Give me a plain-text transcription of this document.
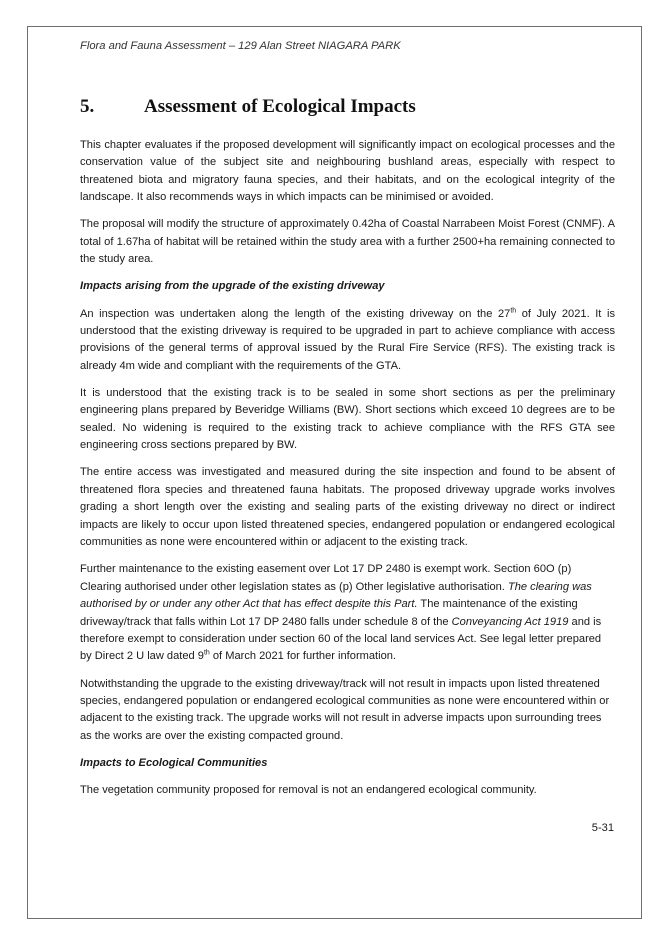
Flora and Fauna Assessment – 129 Alan Street NIAGARA PARK
5.	Assessment of Ecological Impacts

This chapter evaluates if the proposed development will significantly impact on ecological processes and the conservation value of the subject site and neighbouring bushland areas, especially with respect to threatened biota and migratory fauna species, and their habitats, and on the ecological integrity of the landscape. It also recommends ways in which impacts can be minimised or avoided.

The proposal will modify the structure of approximately 0.42ha of Coastal Narrabeen Moist Forest (CNMF). A total of 1.67ha of habitat will be retained within the study area with a further 2500+ha remaining connected to the study area.

Impacts arising from the upgrade of the existing driveway

An inspection was undertaken along the length of the existing driveway on the 27th of July 2021. It is understood that the existing driveway is required to be upgraded in part to achieve compliance with access provisions of the general terms of approval issued by the Rural Fire Service (RFS). The existing track is already 4m wide and compliant with the requirements of the GTA.

It is understood that the existing track is to be sealed in some short sections as per the preliminary engineering plans prepared by Beveridge Williams (BW). Short sections which exceed 10 degrees are to be sealed. No widening is required to the existing track to achieve compliance with the RFS GTA see engineering cross sections prepared by BW.

The entire access was investigated and measured during the site inspection and found to be absent of threatened flora species and threatened fauna habitats. The proposed driveway upgrade works involves grading a short length over the existing and sealing parts of the existing driveway no direct or indirect impacts are likely to occur upon listed threatened species, endangered population or endangered ecological communities as none were encountered within or adjacent to the existing track.

Further maintenance to the existing easement over Lot 17 DP 2480 is exempt work. Section 60O (p) Clearing authorised under other legislation states as (p) Other legislative authorisation. The clearing was authorised by or under any other Act that has effect despite this Part. The maintenance of the existing driveway/track that falls within Lot 17 DP 2480 falls under schedule 8 of the Conveyancing Act 1919 and is therefore exempt to consideration under section 60 of the local land services Act. See legal letter prepared by Direct 2 U law dated 9th of March 2021 for further information.

Notwithstanding the upgrade to the existing driveway/track will not result in impacts upon listed threatened species, endangered population or endangered ecological communities as none were encountered within or adjacent to the existing track. The upgrade works will not result in adverse impacts upon surrounding trees as the works are over the existing compacted ground.

Impacts to Ecological Communities

The vegetation community proposed for removal is not an endangered ecological community.

5-31
